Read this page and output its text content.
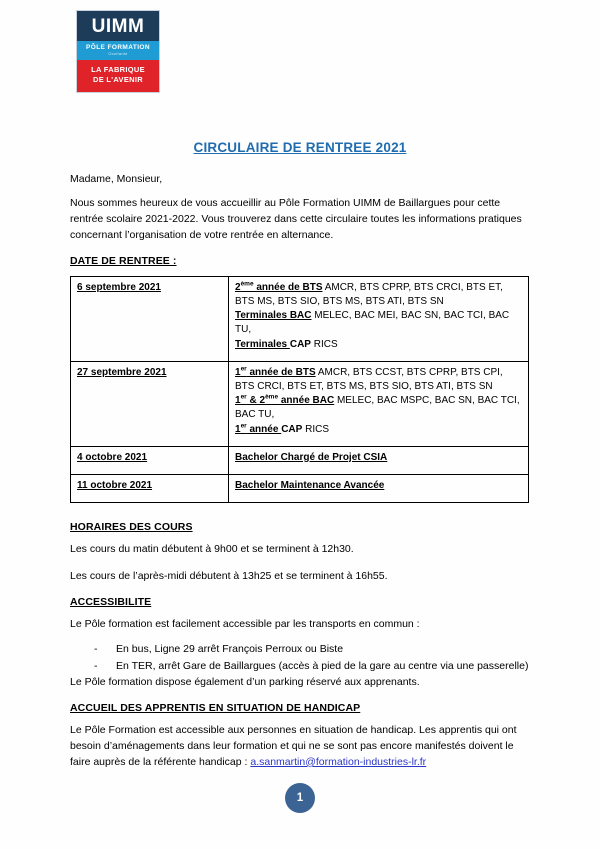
UIMM
PÔLE FORMATION
Occitanie
LA FABRIQUE
DE L'AVENIR
CIRCULAIRE DE RENTREE 2021

Madame, Monsieur,

Nous sommes heureux de vous accueillir au Pôle Formation UIMM de Baillargues pour cette rentrée scolaire 2021-2022. Vous trouverez dans cette circulaire toutes les informations pratiques concernant l’organisation de votre rentrée en alternance.

DATE DE RENTREE :
6 septembre 2021	2ème année de BTS AMCR, BTS CPRP, BTS CRCI, BTS ET, BTS MS, BTS SIO, BTS MS, BTS ATI, BTS SN
Terminales BAC MELEC, BAC MEI, BAC SN, BAC TCI, BAC TU,
Terminales CAP RICS

27 septembre 2021	1er année de BTS AMCR, BTS CCST, BTS CPRP, BTS CPI, BTS CRCI, BTS ET, BTS MS, BTS SIO, BTS ATI, BTS SN
1er & 2ème année BAC MELEC, BAC MSPC, BAC SN, BAC TCI, BAC TU,
1er année CAP RICS

4 octobre 2021	Bachelor Chargé de Projet CSIA

11 octobre 2021	Bachelor Maintenance Avancée
HORAIRES DES COURS

Les cours du matin débutent à 9h00 et se terminent à 12h30.

Les cours de l’après-midi débutent à 13h25 et se terminent à 16h55.

ACCESSIBILITE

Le Pôle formation est facilement accessible par les transports en commun :

- En bus, Ligne 29 arrêt François Perroux ou Biste
- En TER, arrêt Gare de Baillargues (accès à pied de la gare au centre via une passerelle)

Le Pôle formation dispose également d’un parking réservé aux apprenants.

ACCUEIL DES APPRENTIS EN SITUATION DE HANDICAP

Le Pôle Formation est accessible aux personnes en situation de handicap. Les apprentis qui ont besoin d’aménagements dans leur formation et qui ne se sont pas encore manifestés doivent le faire auprès de la référente handicap : a.sanmartin@formation-industries-lr.fr

1
